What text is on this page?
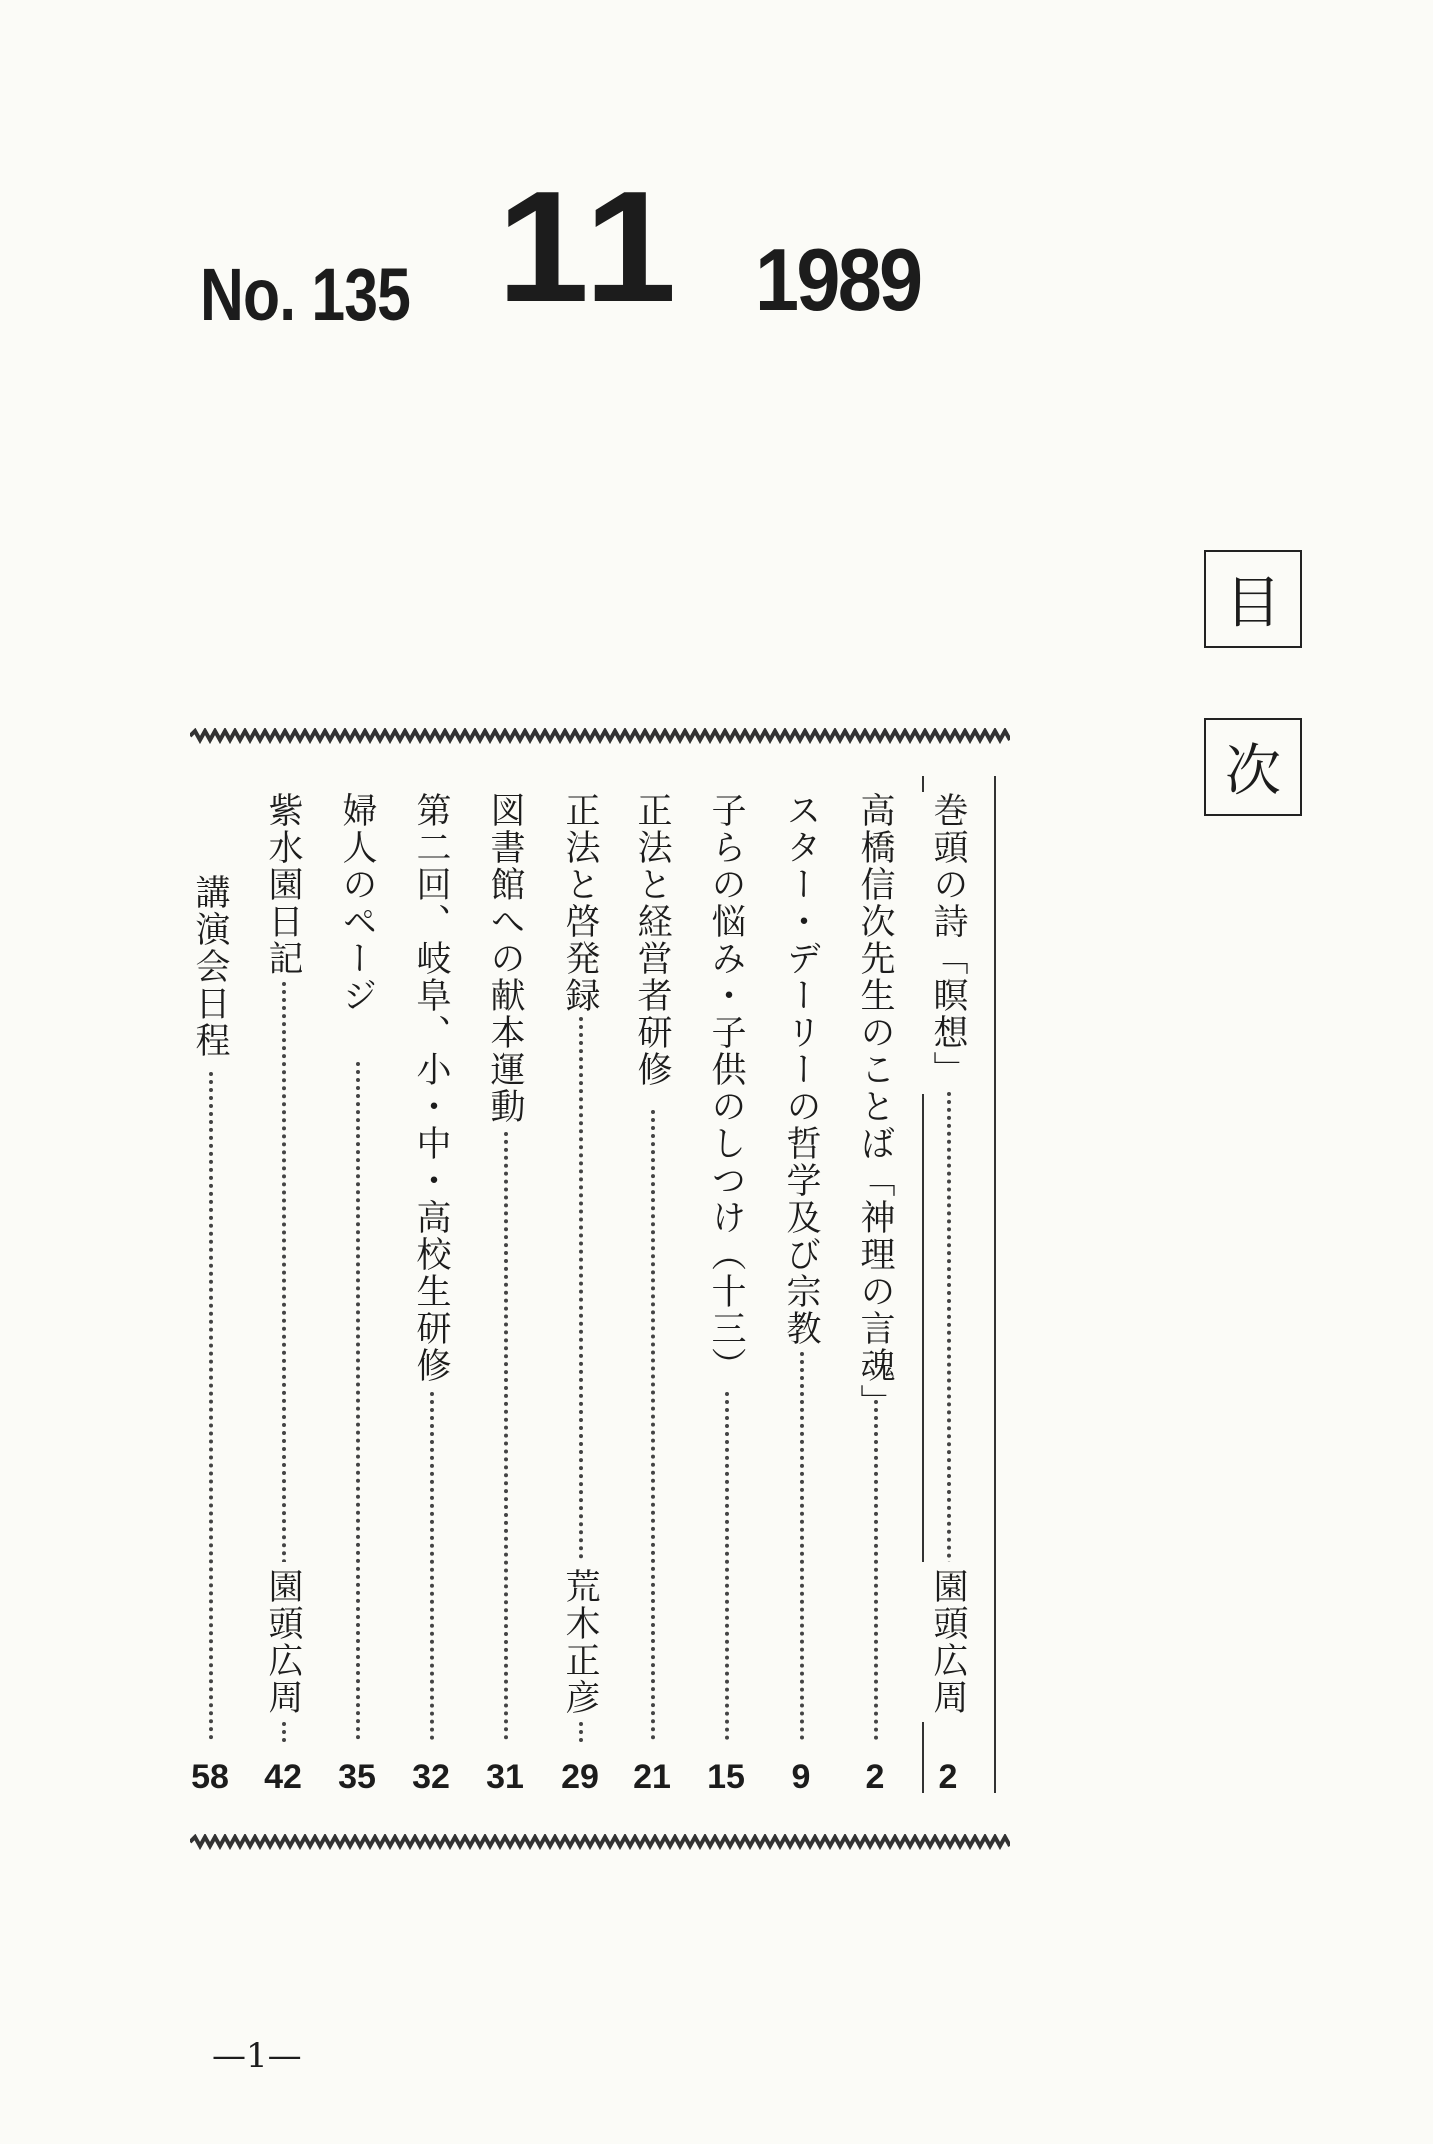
No. 135 11 1989
目
次
巻頭の詩「瞑想」
園頭広周
2
高橋信次先生のことば「神理の言魂」
2
スター・デーリーの哲学及び宗教
9
子らの悩み・子供のしつけ（十三）
15
正法と経営者研修
21
正法と啓発録
荒木正彦
29
図書館への献本運動
31
第二回、岐阜、小・中・高校生研修
32
婦人のページ
35
紫水園日記
園頭広周
42
講演会日程
58
—1—
